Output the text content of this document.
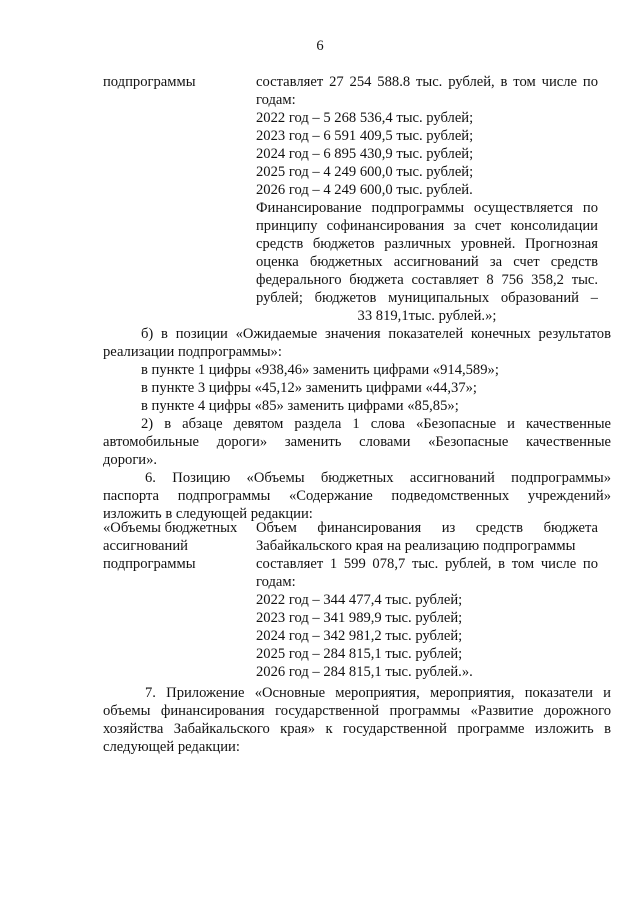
6
подпрограммы	составляет 27 254 588.8 тыс. рублей, в том числе по
годам:
2022 год – 5 268 536,4 тыс. рублей;
2023 год – 6 591 409,5 тыс. рублей;
2024 год – 6 895 430,9 тыс. рублей;
2025 год – 4 249 600,0 тыс. рублей;
2026 год – 4 249 600,0 тыс. рублей.
Финансирование подпрограммы осуществляется по
принципу софинансирования за счет консолидации
средств бюджетов различных уровней. Прогнозная
оценка бюджетных ассигнований за счет средств
федерального бюджета составляет 8 756 358,2 тыс.
рублей; бюджетов муниципальных образований –
33 819,1тыс. рублей.»;
б) в позиции «Ожидаемые значения показателей конечных результатов
реализации подпрограммы»:
в пункте 1 цифры «938,46» заменить цифрами «914,589»;
в пункте 3 цифры «45,12» заменить цифрами «44,37»;
в пункте 4 цифры «85» заменить цифрами «85,85»;
2) в абзаце девятом раздела 1 слова «Безопасные и качественные
автомобильные дороги» заменить словами «Безопасные качественные
дороги».
6. Позицию «Объемы бюджетных ассигнований подпрограммы»
паспорта подпрограммы «Содержание подведомственных учреждений»
изложить в следующей редакции:
«Объемы бюджетных
ассигнований
подпрограммы
Объем финансирования из средств бюджета
Забайкальского края на реализацию подпрограммы
составляет 1 599 078,7 тыс. рублей, в том числе по
годам:
2022 год – 344 477,4 тыс. рублей;
2023 год – 341 989,9 тыс. рублей;
2024 год – 342 981,2 тыс. рублей;
2025 год – 284 815,1 тыс. рублей;
2026 год – 284 815,1 тыс. рублей.».
7. Приложение «Основные мероприятия, мероприятия, показатели и
объемы финансирования государственной программы «Развитие дорожного
хозяйства Забайкальского края» к государственной программе изложить в
следующей редакции:
